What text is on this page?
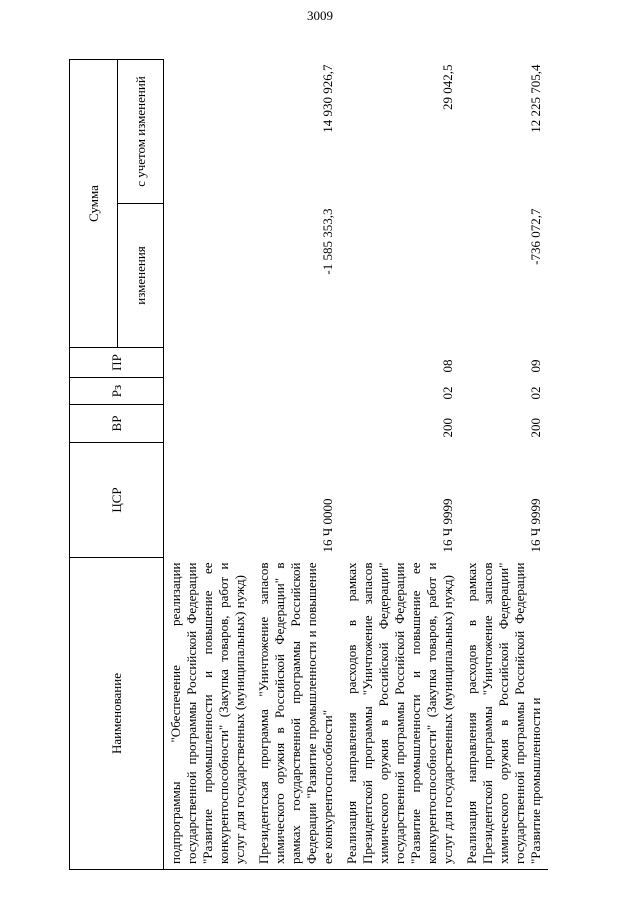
3009
Наименование	ЦСР	ВР	Рз	ПР	Сумма	
					изменения	с учетом изменений
подпрограммы "Обеспечение реализации государственной программы Российской Федерации "Развитие промышленности и повышение ее конкурентоспособности" (Закупка товаров, работ и услуг для государственных (муниципальных) нужд)						
Президентская программа "Уничтожение запасов химического оружия в Российской Федерации" в рамках государственной программы Российской Федерации "Развитие промышленности и повышение ее конкурентоспособности"	16 Ч 0000				-1 585 353,3	14 930 926,7
Реализация направления расходов в рамках Президентской программы "Уничтожение запасов химического оружия в Российской Федерации" государственной программы Российской Федерации "Развитие промышленности и повышение ее конкурентоспособности" (Закупка товаров, работ и услуг для государственных (муниципальных) нужд)	16 Ч 9999	200	02	08		29 042,5
Реализация направления расходов в рамках Президентской программы "Уничтожение запасов химического оружия в Российской Федерации" государственной программы Российской Федерации "Развитие промышленности и	16 Ч 9999	200	02	09	-736 072,7	12 225 705,4
